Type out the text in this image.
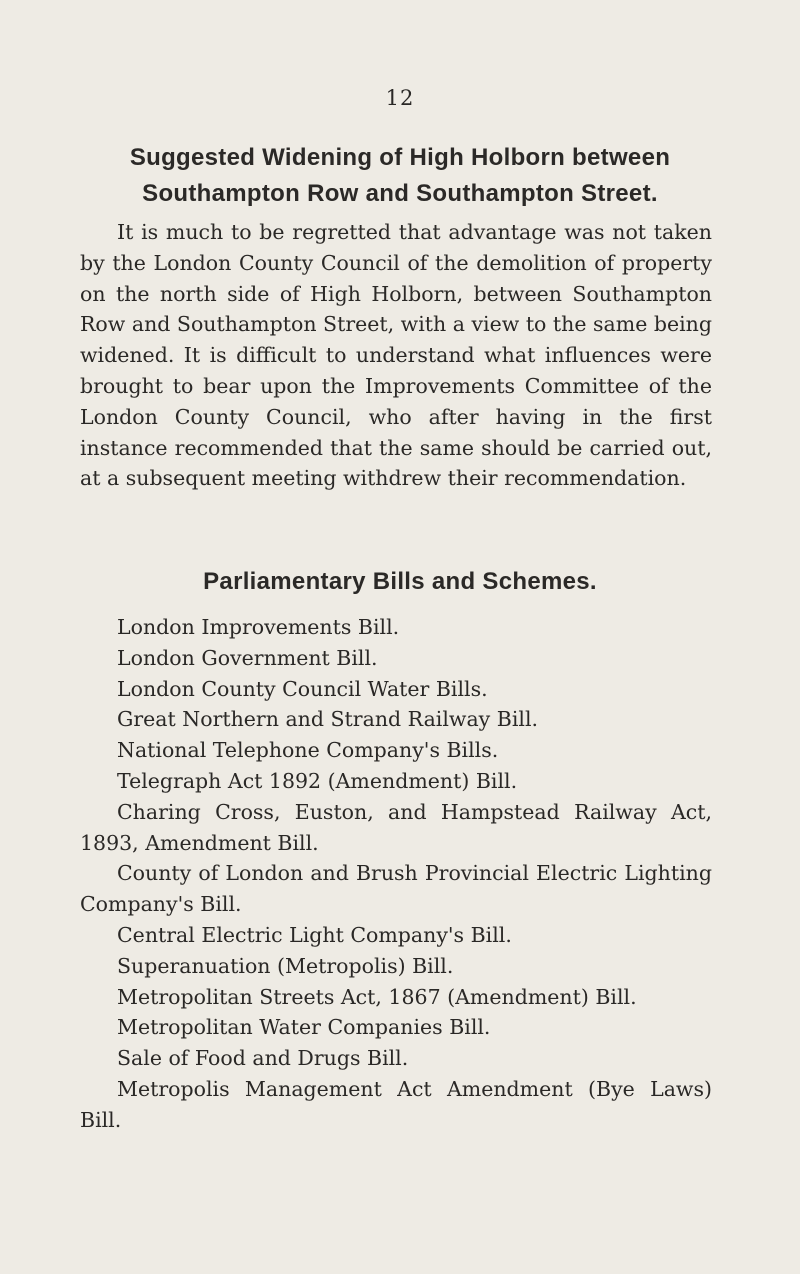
12
Suggested Widening of High Holborn between
Southampton Row and Southampton Street.

It is much to be regretted that advantage was not taken by the London County Council of the demolition of property on the north side of High Holborn, between Southampton Row and Southampton Street, with a view to the same being widened. It is difficult to understand what influences were brought to bear upon the Improvements Committee of the London County Council, who after having in the first instance recommended that the same should be carried out, at a subsequent meeting withdrew their recommendation.

Parliamentary Bills and Schemes.
London Improvements Bill.
London Government Bill.
London County Council Water Bills.
Great Northern and Strand Railway Bill.
National Telephone Company's Bills.
Telegraph Act 1892 (Amendment) Bill.
Charing Cross, Euston, and Hampstead Railway Act, 1893, Amendment Bill.
County of London and Brush Provincial Electric Lighting Company's Bill.
Central Electric Light Company's Bill.
Superanuation (Metropolis) Bill.
Metropolitan Streets Act, 1867 (Amendment) Bill.
Metropolitan Water Companies Bill.
Sale of Food and Drugs Bill.
Metropolis Management Act Amendment (Bye Laws) Bill.
